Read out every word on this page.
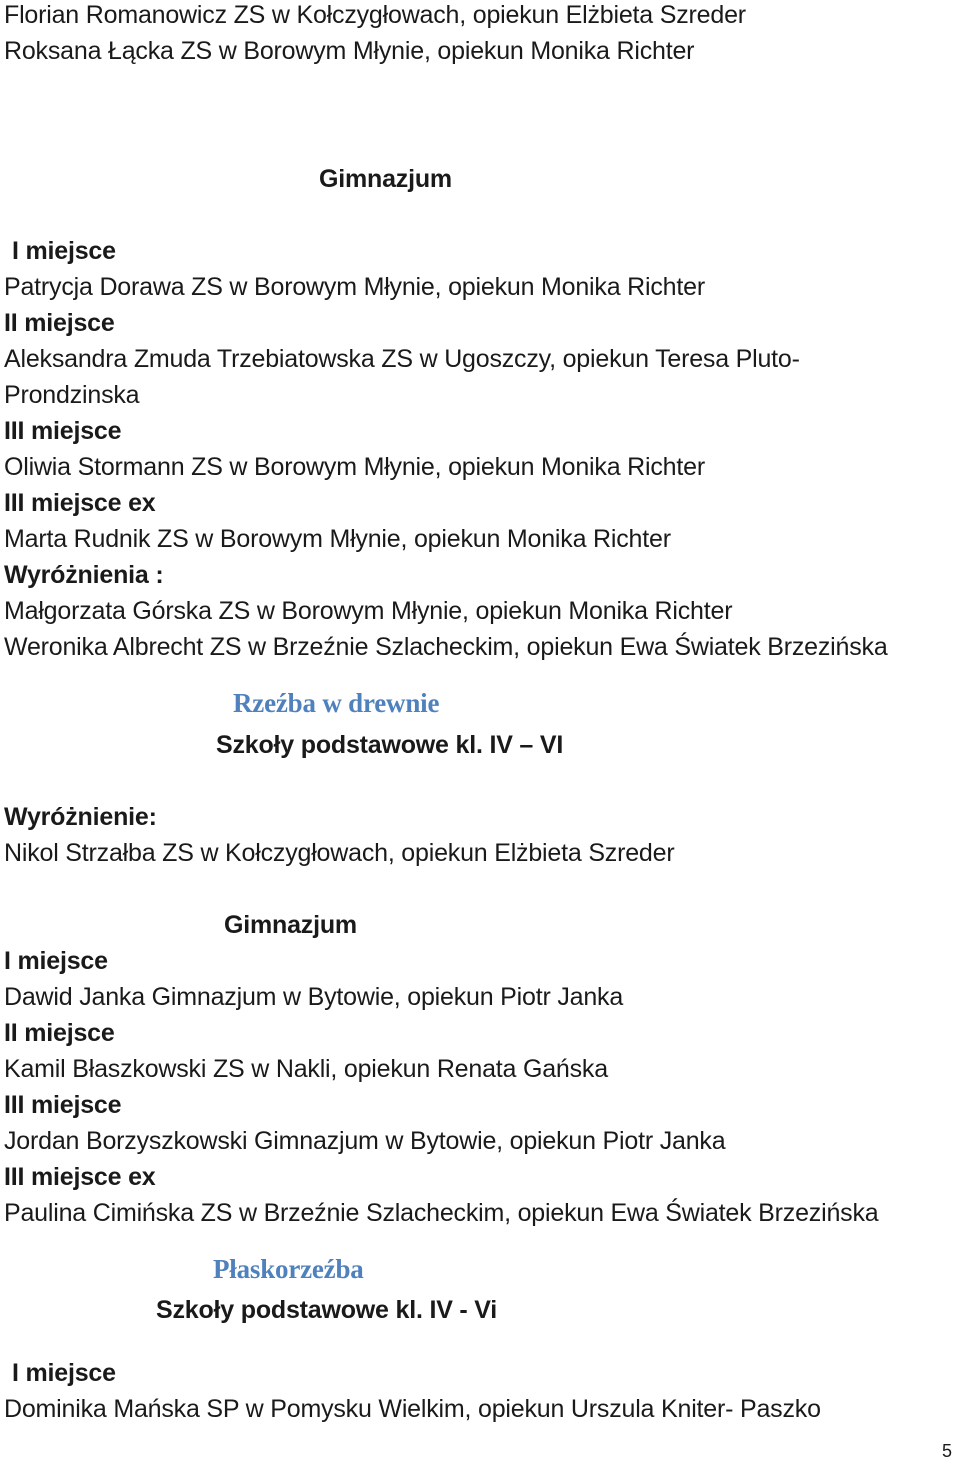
Florian Romanowicz ZS w Kołczygłowach, opiekun Elżbieta Szreder
Roksana Łącka ZS w Borowym Młynie, opiekun Monika Richter
Gimnazjum
I miejsce
Patrycja Dorawa ZS w Borowym Młynie, opiekun Monika Richter
II miejsce
Aleksandra Zmuda Trzebiatowska ZS w Ugoszczy, opiekun Teresa Pluto-
Prondzinska
III miejsce
Oliwia Stormann ZS w Borowym Młynie, opiekun Monika Richter
III miejsce ex
Marta Rudnik ZS w Borowym Młynie, opiekun Monika Richter
Wyróżnienia :
Małgorzata Górska ZS w Borowym Młynie, opiekun Monika Richter
Weronika Albrecht ZS w Brzeźnie Szlacheckim, opiekun Ewa Światek Brzezińska
Rzeźba w drewnie
Szkoły podstawowe kl. IV – VI
Wyróżnienie:
Nikol Strzałba ZS w Kołczygłowach, opiekun Elżbieta Szreder
Gimnazjum
I miejsce
Dawid Janka Gimnazjum w Bytowie, opiekun Piotr Janka
II miejsce
Kamil Błaszkowski ZS w Nakli, opiekun Renata Gańska
III miejsce
Jordan Borzyszkowski Gimnazjum w Bytowie, opiekun Piotr Janka
III miejsce ex
Paulina Cimińska ZS w Brzeźnie Szlacheckim, opiekun Ewa Światek Brzezińska
Płaskorzeźba
Szkoły podstawowe kl. IV - Vi
I miejsce
Dominika Mańska SP w Pomysku Wielkim, opiekun Urszula Kniter- Paszko
5
